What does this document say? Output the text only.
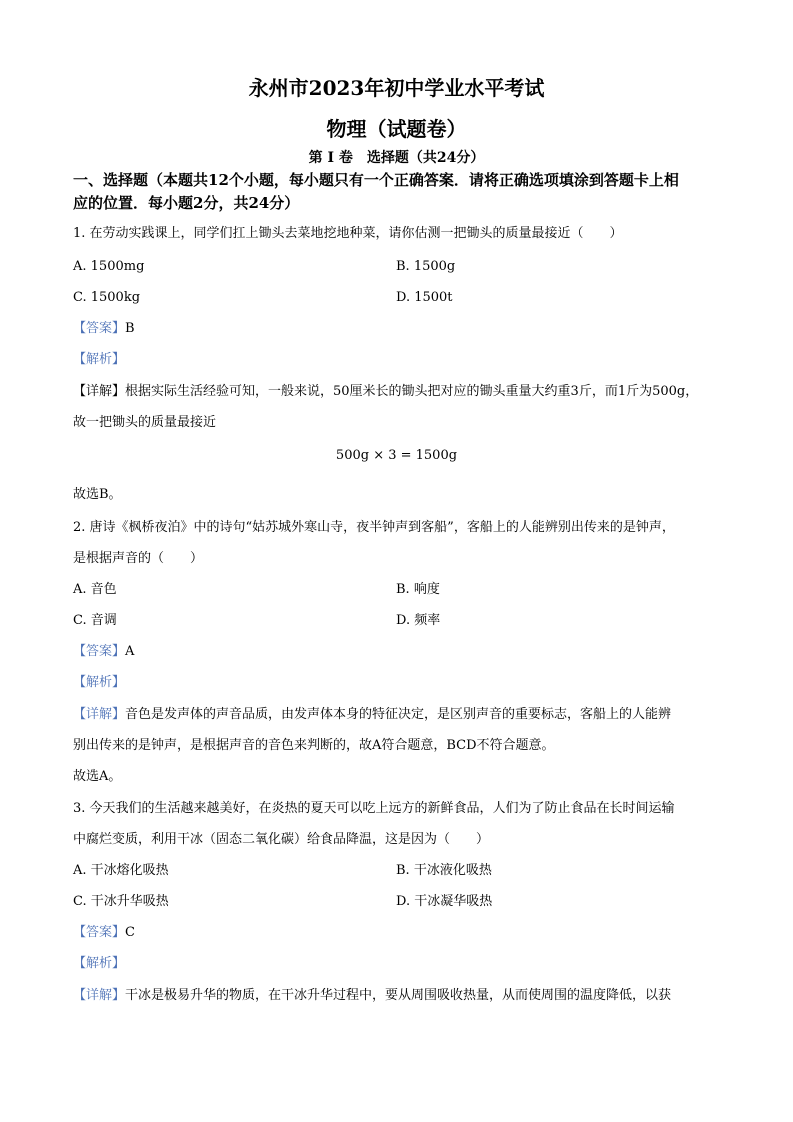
永州市2023年初中学业水平考试
物理（试题卷）
第 I 卷　选择题（共24分）
一、选择题（本题共12个小题，每小题只有一个正确答案．请将正确选项填涂到答题卡上相
应的位置．每小题2分，共24分）
1. 在劳动实践课上，同学们扛上锄头去菜地挖地种菜，请你估测一把锄头的质量最接近（　　）
A. 1500mg	B. 1500g
C. 1500kg	D. 1500t
【答案】B
【解析】
【详解】根据实际生活经验可知，一般来说，50厘米长的锄头把对应的锄头重量大约重3斤，而1斤为500g，
故一把锄头的质量最接近
500g × 3 = 1500g
故选B。
2. 唐诗《枫桥夜泊》中的诗句“姑苏城外寒山寺，夜半钟声到客船”，客船上的人能辨别出传来的是钟声，
是根据声音的（　　）
A. 音色	B. 响度
C. 音调	D. 频率
【答案】A
【解析】
【详解】音色是发声体的声音品质，由发声体本身的特征决定，是区别声音的重要标志，客船上的人能辨
别出传来的是钟声，是根据声音的音色来判断的，故A符合题意，BCD不符合题意。
故选A。
3. 今天我们的生活越来越美好，在炎热的夏天可以吃上远方的新鲜食品，人们为了防止食品在长时间运输
中腐烂变质，利用干冰（固态二氧化碳）给食品降温，这是因为（　　）
A. 干冰熔化吸热	B. 干冰液化吸热
C. 干冰升华吸热	D. 干冰凝华吸热
【答案】C
【解析】
【详解】干冰是极易升华的物质，在干冰升华过程中，要从周围吸收热量，从而使周围的温度降低，以获
